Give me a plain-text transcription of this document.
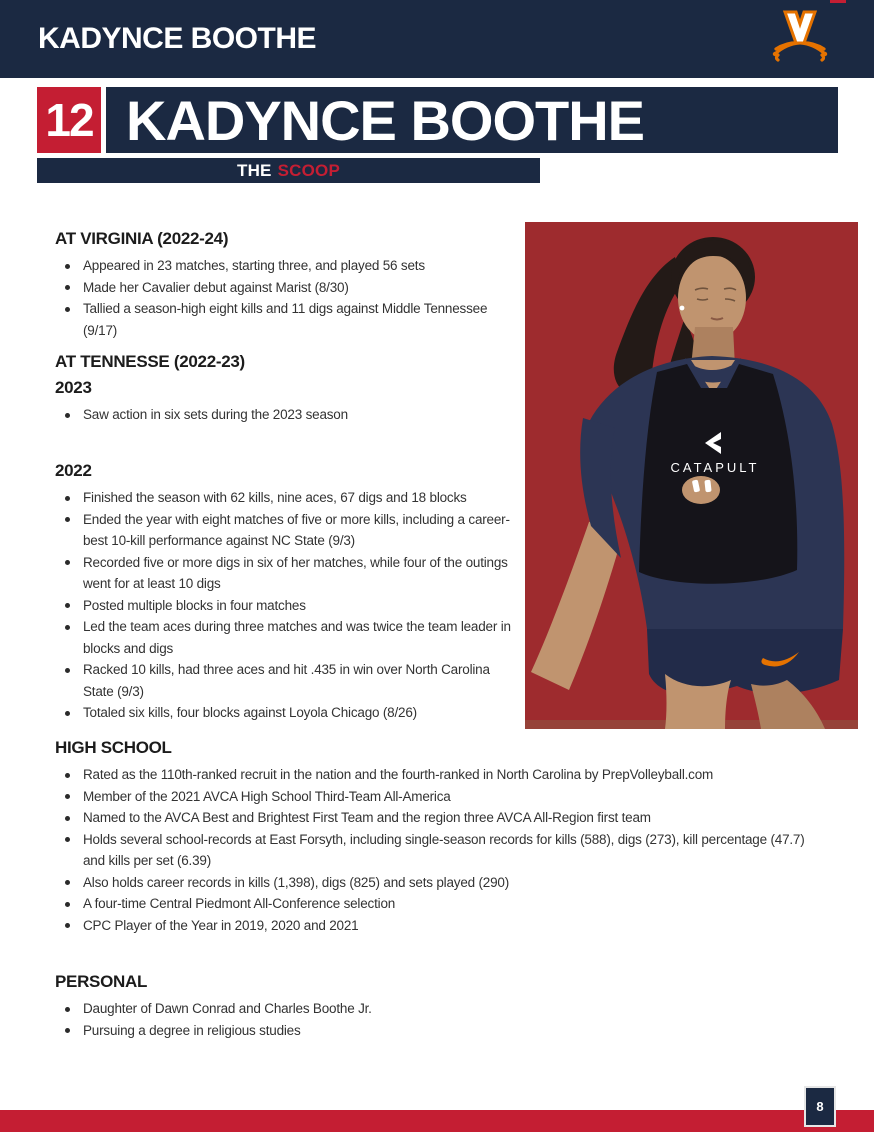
KADYNCE BOOTHE
12 KADYNCE BOOTHE
THE SCOOP
AT VIRGINIA (2022-24)
Appeared in 23 matches, starting three, and played 56 sets
Made her Cavalier debut against Marist (8/30)
Tallied a season-high eight kills and 11 digs against Middle Tennessee (9/17)
AT TENNESSE (2022-23)
2023
Saw action in six sets during the 2023 season
2022
Finished the season with 62 kills, nine aces, 67 digs and 18 blocks
Ended the year with eight matches of five or more kills, including a career-best 10-kill performance against NC State (9/3)
Recorded five or more digs in six of her matches, while four of the outings went for at least 10 digs
Posted multiple blocks in four matches
Led the team aces during three matches and was twice the team leader in blocks and digs
Racked 10 kills, had three aces and hit .435 in win over North Carolina State (9/3)
Totaled six kills, four blocks against Loyola Chicago (8/26)
HIGH SCHOOL
Rated as the 110th-ranked recruit in the nation and the fourth-ranked in North Carolina by PrepVolleyball.com
Member of the 2021 AVCA High School Third-Team All-America
Named to the AVCA Best and Brightest First Team and the region three AVCA All-Region first team
Holds several school-records at East Forsyth, including single-season records for kills (588), digs (273), kill percentage (47.7) and kills per set (6.39)
Also holds career records in kills (1,398), digs (825) and sets played (290)
A four-time Central Piedmont All-Conference selection
CPC Player of the Year in 2019, 2020 and 2021
PERSONAL
Daughter of Dawn Conrad and Charles Boothe Jr.
Pursuing a degree in religious studies
CATAPULT
8
